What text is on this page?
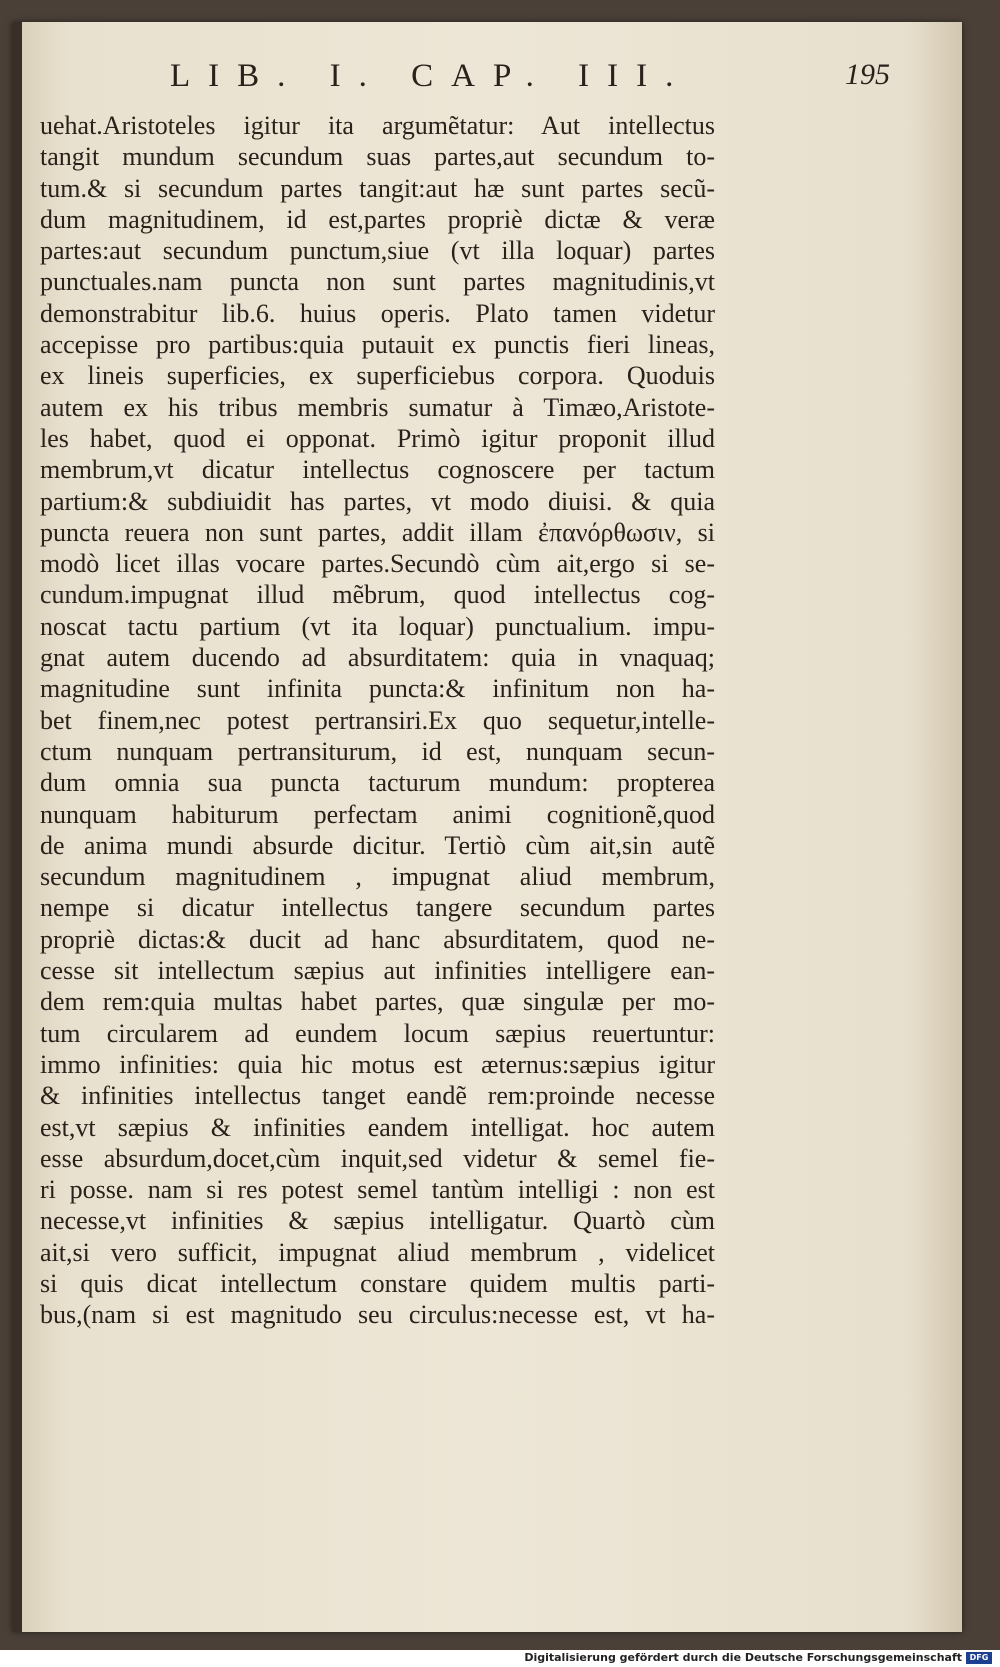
LIB. I. CAP. III.	195
uehat.Aristoteles igitur ita argumẽtatur: Aut intellectus
tangit mundum secundum suas partes,aut secundum to-
tum.& si secundum partes tangit:aut hæ sunt partes secũ-
dum magnitudinem, id est,partes propriè dictæ & veræ
partes:aut secundum punctum,siue (vt illa loquar) partes
punctuales.nam puncta non sunt partes magnitudinis,vt
demonstrabitur lib.6. huius operis. Plato tamen videtur
accepisse pro partibus:quia putauit ex punctis fieri lineas,
ex lineis superficies, ex superficiebus corpora. Quoduis
autem ex his tribus membris sumatur à Timæo,Aristote-
les habet, quod ei opponat. Primò igitur proponit illud
membrum,vt dicatur intellectus cognoscere per tactum
partium:& subdiuidit has partes, vt modo diuisi. & quia
puncta reuera non sunt partes, addit illam ἐπανόρθωσιν, si
modò licet illas vocare partes.Secundò cùm ait,ergo si se-
cundum.impugnat illud mẽbrum, quod intellectus cog-
noscat tactu partium (vt ita loquar) punctualium. impu-
gnat autem ducendo ad absurditatem: quia in vnaquaq;
magnitudine sunt infinita puncta:& infinitum non ha-
bet finem,nec potest pertransiri.Ex quo sequetur,intelle-
ctum nunquam pertransiturum, id est, nunquam secun-
dum omnia sua puncta tacturum mundum: propterea
nunquam habiturum perfectam animi cognitionẽ,quod
de anima mundi absurde dicitur. Tertiò cùm ait,sin autẽ
secundum magnitudinem , impugnat aliud membrum,
nempe si dicatur intellectus tangere secundum partes
propriè dictas:& ducit ad hanc absurditatem, quod ne-
cesse sit intellectum sæpius aut infinities intelligere ean-
dem rem:quia multas habet partes, quæ singulæ per mo-
tum circularem ad eundem locum sæpius reuertuntur:
immo infinities: quia hic motus est æternus:sæpius igitur
& infinities intellectus tanget eandẽ rem:proinde necesse
est,vt sæpius & infinities eandem intelligat. hoc autem
esse absurdum,docet,cùm inquit,sed videtur & semel fie-
ri posse. nam si res potest semel tantùm intelligi : non est
necesse,vt infinities & sæpius intelligatur. Quartò cùm
ait,si vero sufficit, impugnat aliud membrum , videlicet
si quis dicat intellectum constare quidem multis parti-
bus,(nam si est magnitudo seu circulus:necesse est, vt ha-
Digitalisierung gefördert durch die Deutsche Forschungsgemeinschaft DFG
